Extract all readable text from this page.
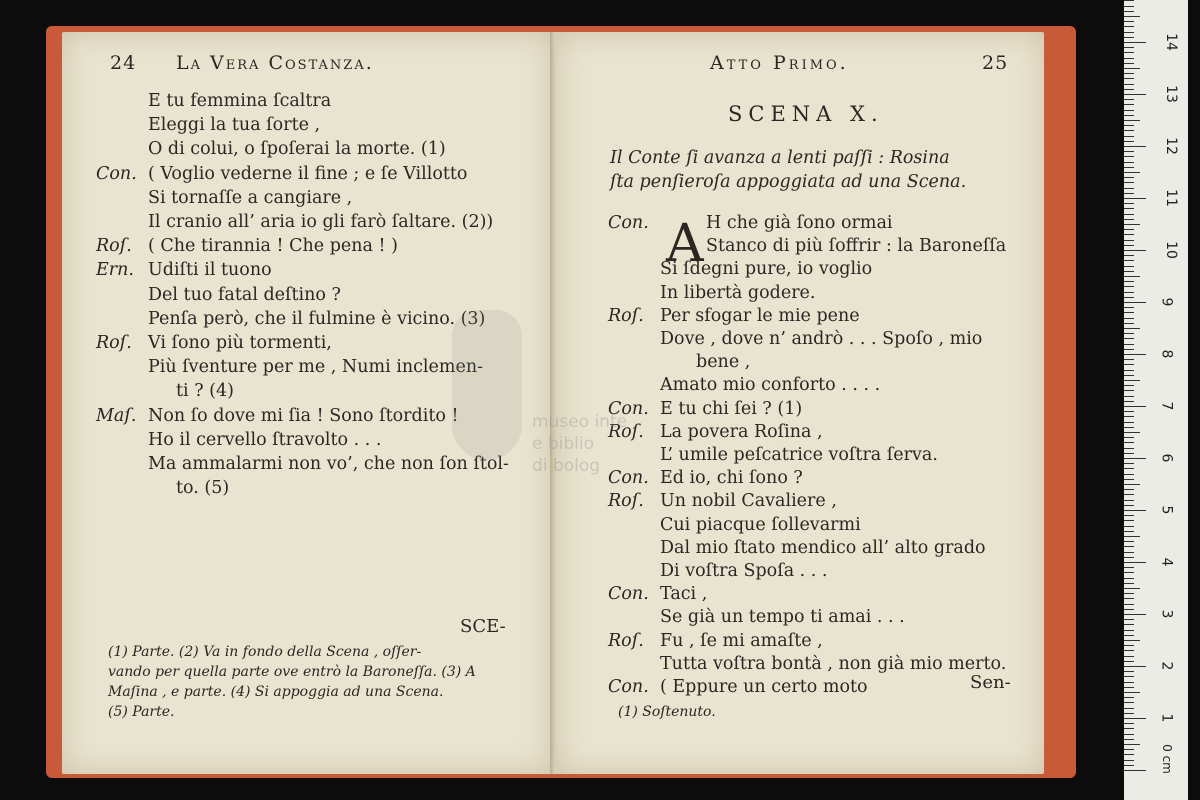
24 La Vera Costanza.
E tu femmina ſcaltra
Eleggi la tua ſorte ,
O di colui, o ſpoſerai la morte. (1)
Con. ( Voglio vederne il fine ; e ſe Villotto
Si tornaſſe a cangiare ,
Il cranio all’ aria io gli farò ſaltare. (2))
Roſ. ( Che tirannia ! Che pena ! )
Ern. Udiſti il tuono
Del tuo fatal deſtino ?
Penſa però, che il fulmine è vicino. (3)
Roſ. Vi ſono più tormenti,
Più ſventure per me , Numi inclemen-
ti ? (4)
Maſ. Non ſo dove mi ſia ! Sono ſtordito !
Ho il cervello ſtravolto . . .
Ma ammalarmi non vo’, che non ſon ſtol-
to. (5)
SCE-
(1) Parte. (2) Va in fondo della Scena , oſſer-
vando per quella parte ove entrò la Baroneſſa. (3) A
Maſina , e parte. (4) Si appoggia ad una Scena.
(5) Parte.
Atto Primo.	25
SCENA X.
Il Conte ſi avanza a lenti paſſi : Rosina
ſta penſieroſa appoggiata ad una Scena.
A
Con.	H che già ſono ormai
Stanco di più ſoffrir : la Baroneſſa
Si ſdegni pure, io voglio
In libertà godere.
Roſ. Per sfogar le mie pene
Dove , dove n’ andrò . . . Spoſo , mio
bene ,
Amato mio conforto . . . .
Con. E tu chi ſei ? (1)
Roſ. La povera Roſina ,
L’ umile peſcatrice voſtra ſerva.
Con. Ed io, chi ſono ?
Roſ. Un nobil Cavaliere ,
Cui piacque ſollevarmi
Dal mio ſtato mendico all’ alto grado
Di voſtra Spoſa . . .
Con. Taci ,
Se già un tempo ti amai . . .
Roſ. Fu , ſe mi amaſte ,
Tutta voſtra bontà , non già mio merto.
Con. ( Eppure un certo moto	Sen-
(1) Soſtenuto.
museo inte
e biblio
di bolog
0 cm
14
13
12
11
10
9
8
7
6
5
4
3
2
1
